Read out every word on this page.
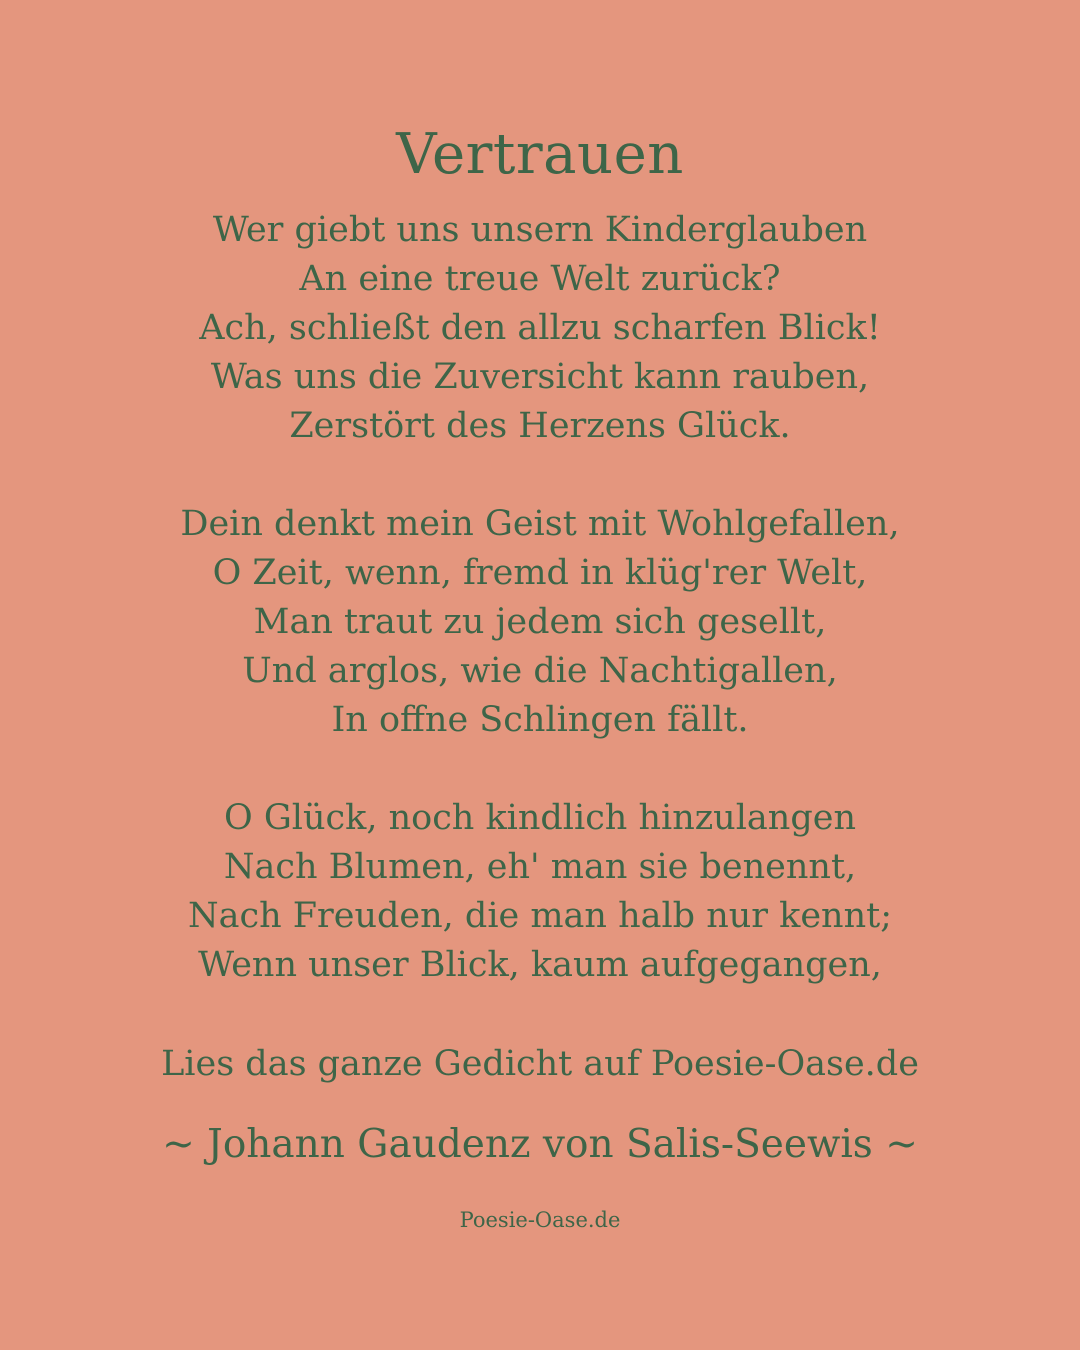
Vertrauen
Wer giebt uns unsern Kinderglauben
An eine treue Welt zurück?
Ach, schließt den allzu scharfen Blick!
Was uns die Zuversicht kann rauben,
Zerstört des Herzens Glück.
Dein denkt mein Geist mit Wohlgefallen,
O Zeit, wenn, fremd in klüg'rer Welt,
Man traut zu jedem sich gesellt,
Und arglos, wie die Nachtigallen,
In offne Schlingen fällt.
O Glück, noch kindlich hinzulangen
Nach Blumen, eh' man sie benennt,
Nach Freuden, die man halb nur kennt;
Wenn unser Blick, kaum aufgegangen,
Lies das ganze Gedicht auf Poesie-Oase.de
~ Johann Gaudenz von Salis-Seewis ~
Poesie-Oase.de
